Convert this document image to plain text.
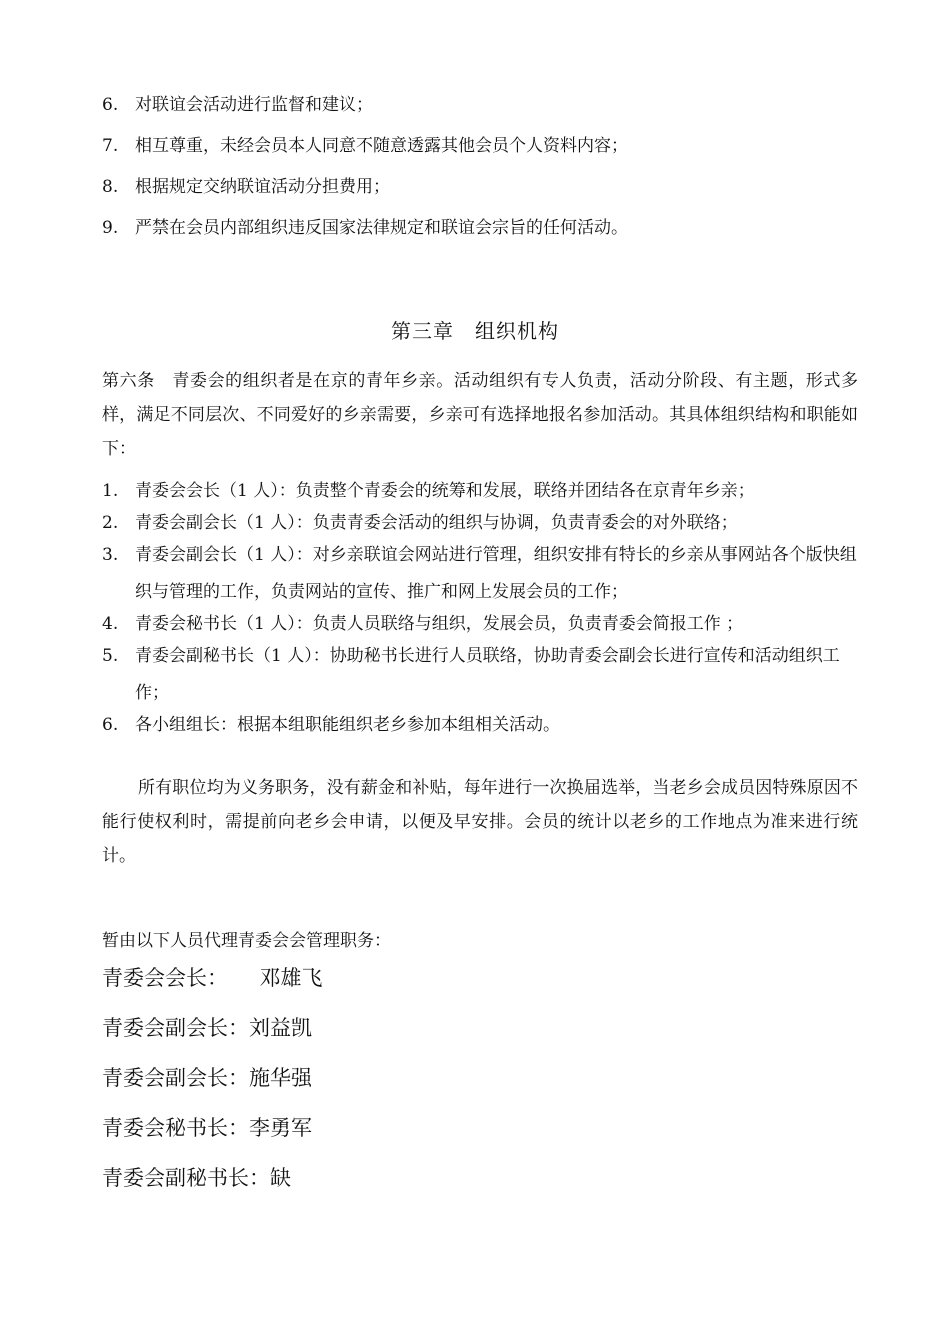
6. 对联谊会活动进行监督和建议；
7. 相互尊重，未经会员本人同意不随意透露其他会员个人资料内容；
8. 根据规定交纳联谊活动分担费用；
9. 严禁在会员内部组织违反国家法律规定和联谊会宗旨的任何活动。
第三章　组织机构

第六条　青委会的组织者是在京的青年乡亲。活动组织有专人负责，活动分阶段、有主题，形式多样，满足不同层次、不同爱好的乡亲需要，乡亲可有选择地报名参加活动。其具体组织结构和职能如下：

1. 青委会会长（1 人）：负责整个青委会的统筹和发展，联络并团结各在京青年乡亲；
2. 青委会副会长（1 人）：负责青委会活动的组织与协调，负责青委会的对外联络；
3. 青委会副会长（1 人）：对乡亲联谊会网站进行管理，组织安排有特长的乡亲从事网站各个版快组织与管理的工作，负责网站的宣传、推广和网上发展会员的工作；
4. 青委会秘书长（1 人）：负责人员联络与组织，发展会员，负责青委会简报工作 ；
5. 青委会副秘书长（1 人）：协助秘书长进行人员联络，协助青委会副会长进行宣传和活动组织工作；
6. 各小组组长：根据本组职能组织老乡参加本组相关活动。

所有职位均为义务职务，没有薪金和补贴，每年进行一次换届选举，当老乡会成员因特殊原因不能行使权利时，需提前向老乡会申请，以便及早安排。会员的统计以老乡的工作地点为准来进行统计。

暂由以下人员代理青委会会管理职务：

青委会会长：　　邓雄飞
青委会副会长：刘益凯
青委会副会长：施华强
青委会秘书长：李勇军
青委会副秘书长：缺
